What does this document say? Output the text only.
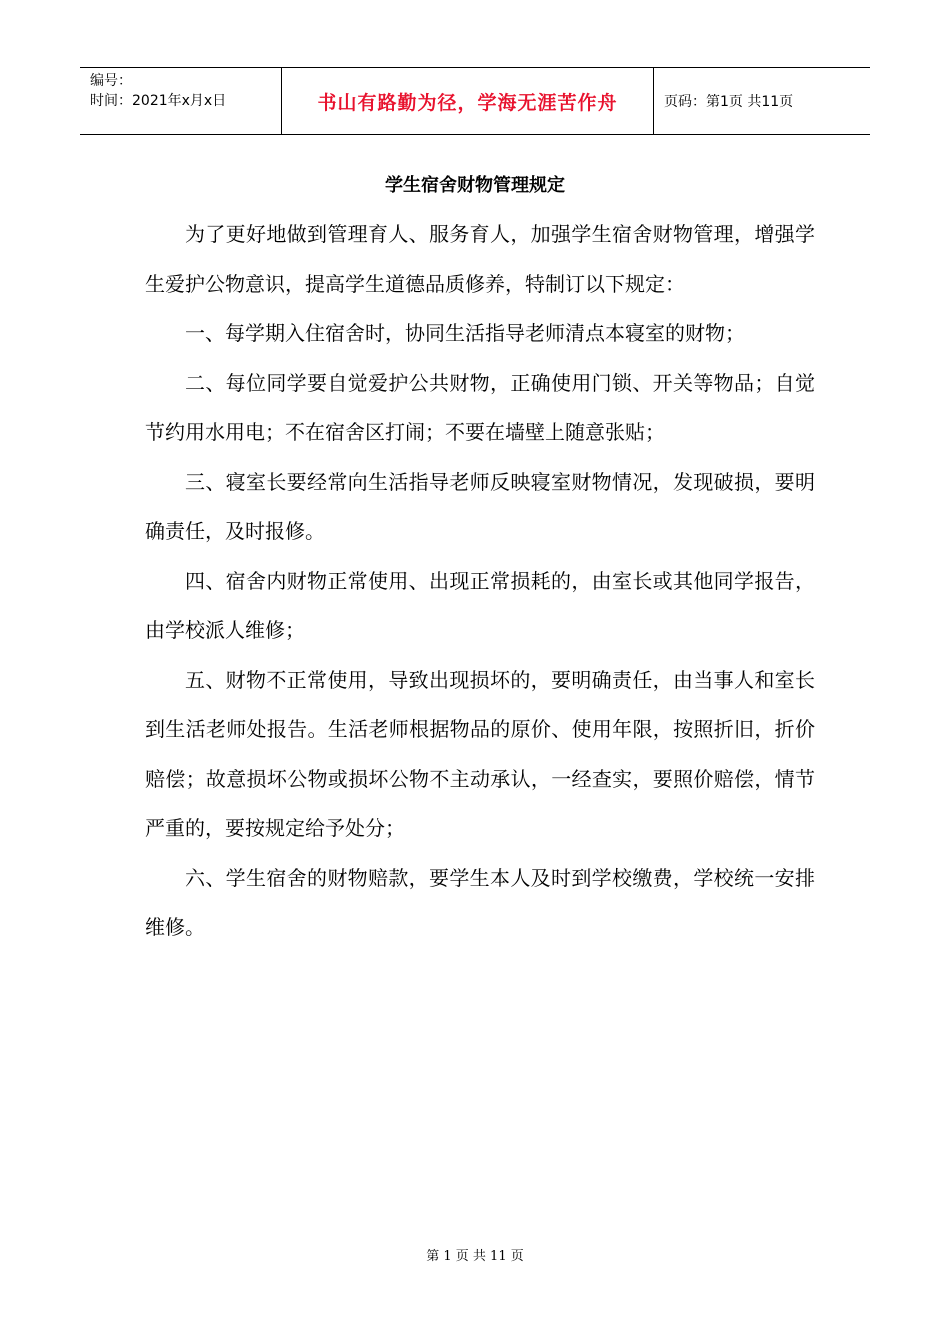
编号：
时间：2021年x月x日	书山有路勤为径，学海无涯苦作舟	页码：第1页 共11页
学生宿舍财物管理规定

为了更好地做到管理育人、服务育人，加强学生宿舍财物管理，增强学生爱护公物意识，提高学生道德品质修养，特制订以下规定：

一、每学期入住宿舍时，协同生活指导老师清点本寝室的财物；

二、每位同学要自觉爱护公共财物，正确使用门锁、开关等物品；自觉节约用水用电；不在宿舍区打闹；不要在墙壁上随意张贴；

三、寝室长要经常向生活指导老师反映寝室财物情况，发现破损，要明确责任，及时报修。

四、宿舍内财物正常使用、出现正常损耗的，由室长或其他同学报告，由学校派人维修；

五、财物不正常使用，导致出现损坏的，要明确责任，由当事人和室长到生活老师处报告。生活老师根据物品的原价、使用年限，按照折旧，折价赔偿；故意损坏公物或损坏公物不主动承认，一经查实，要照价赔偿，情节严重的，要按规定给予处分；

六、学生宿舍的财物赔款，要学生本人及时到学校缴费，学校统一安排维修。

第 1 页 共 11 页
